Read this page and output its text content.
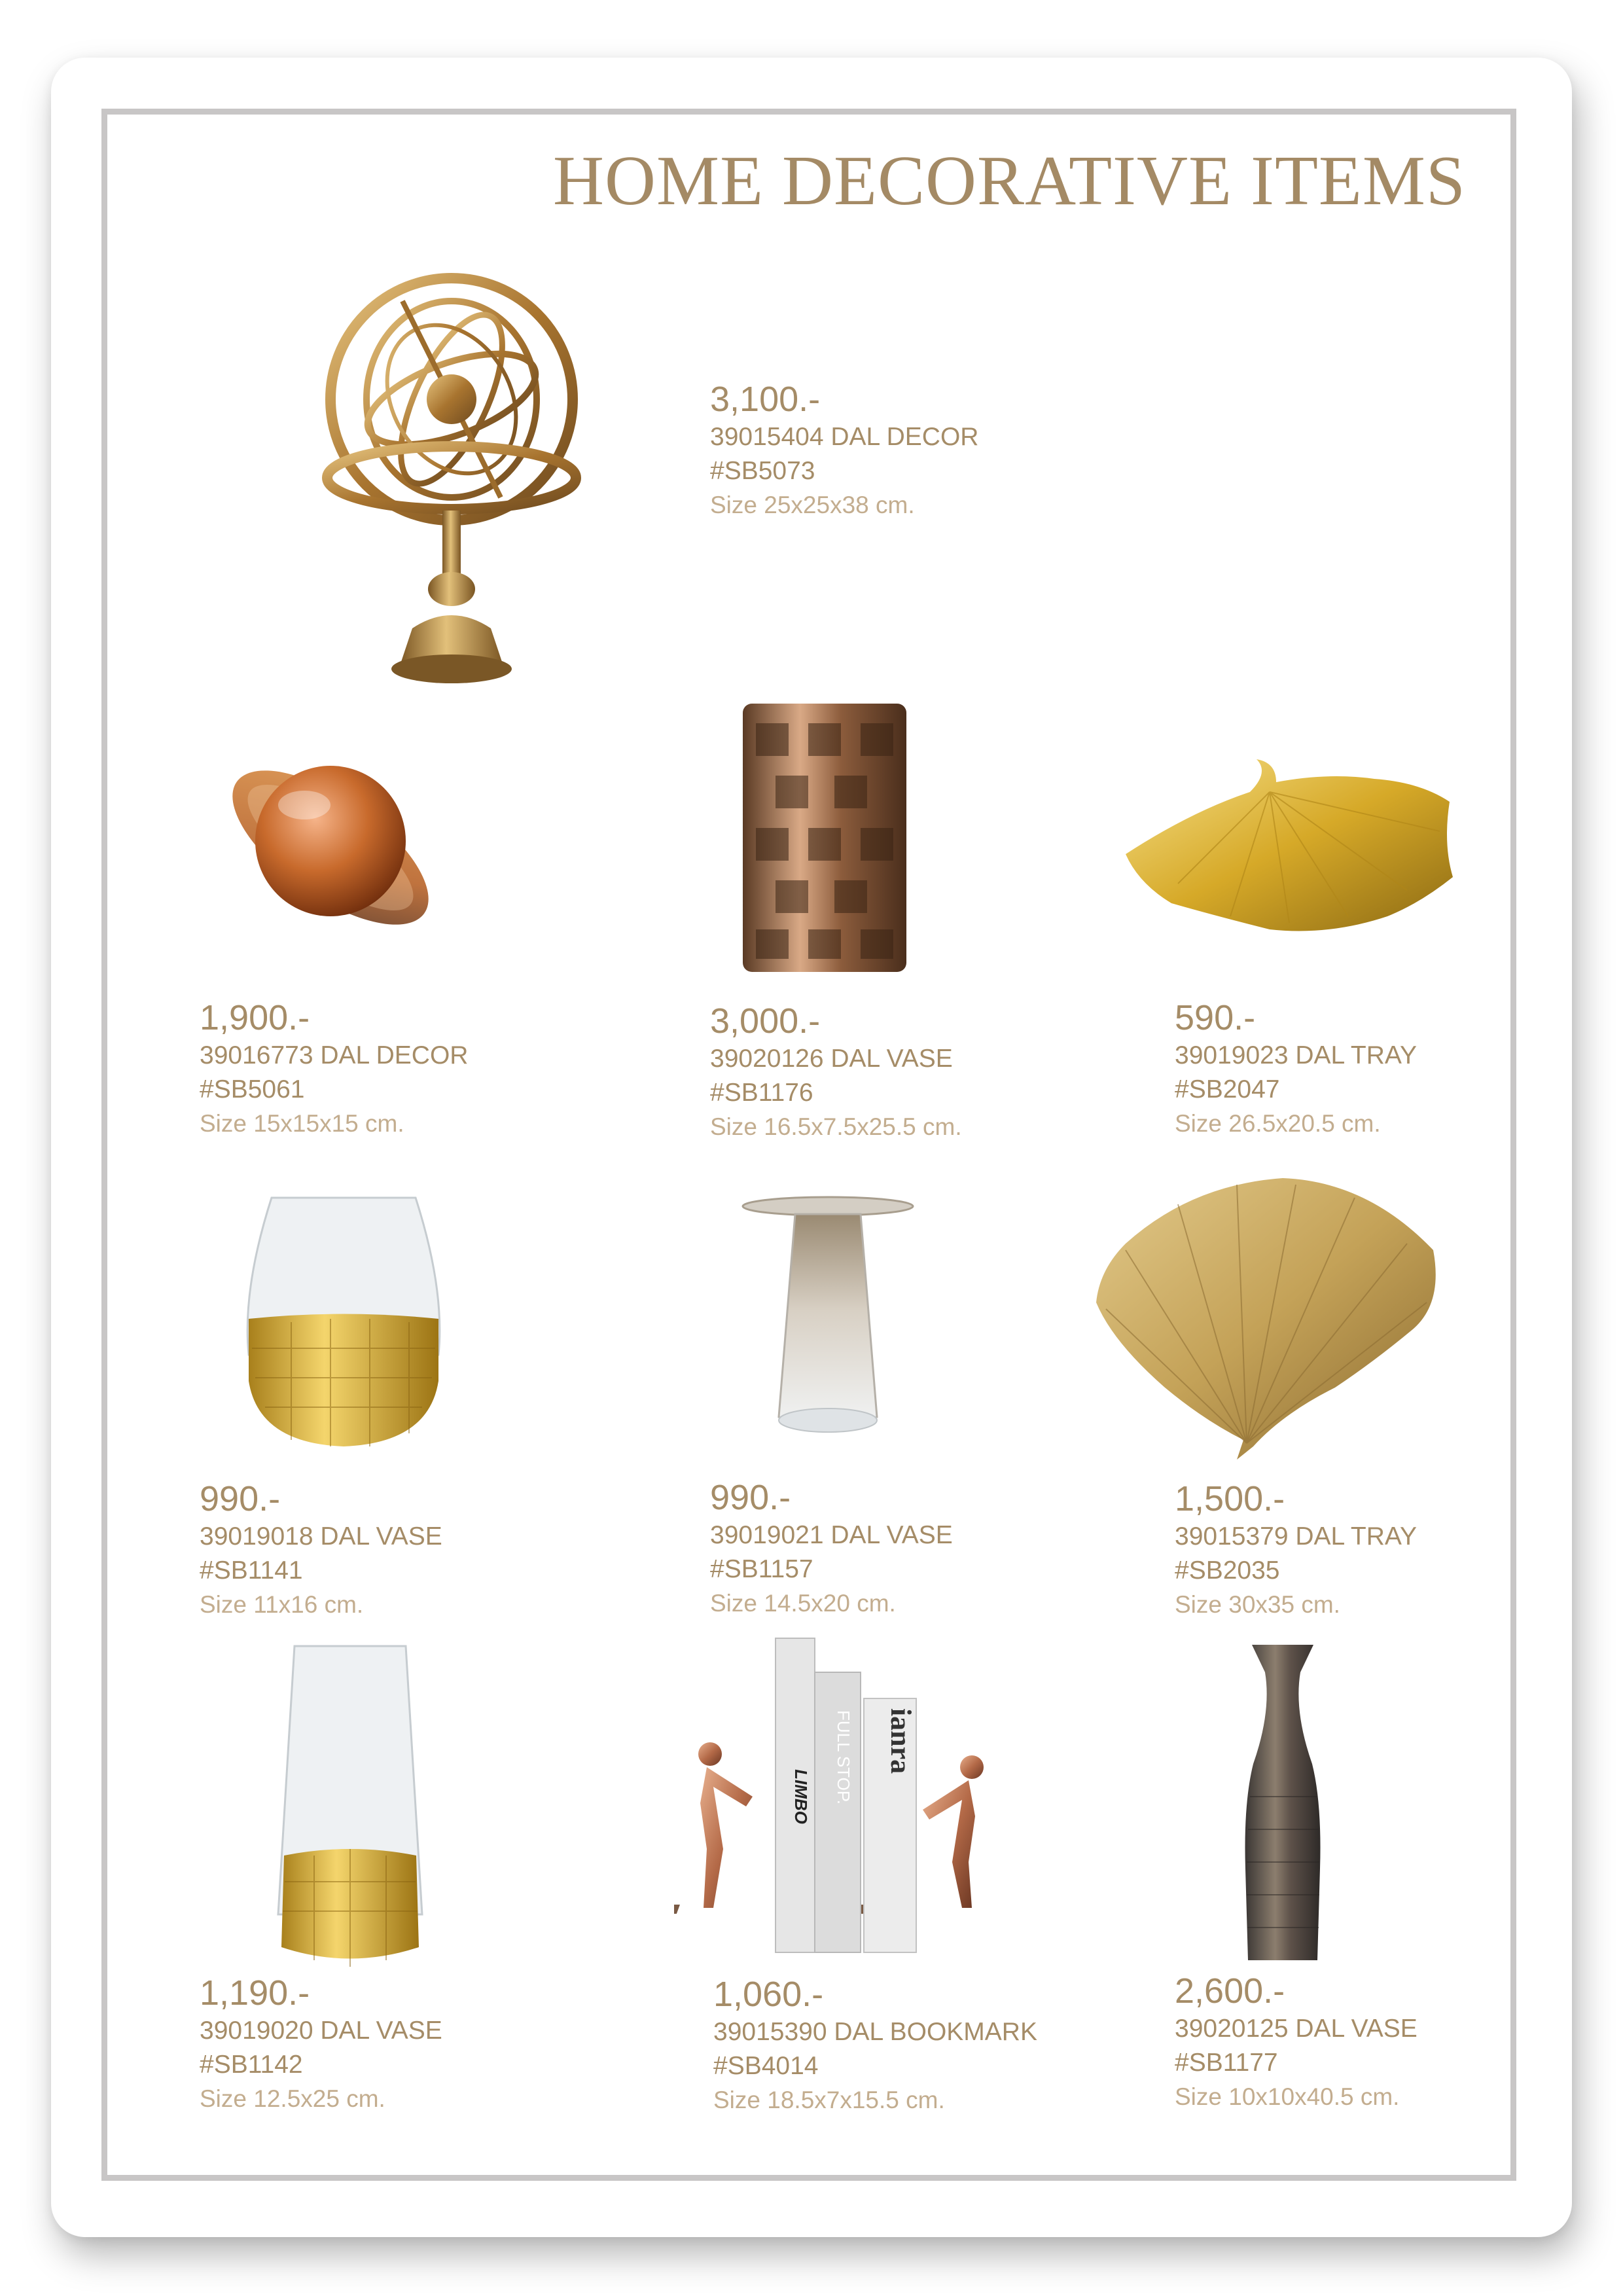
HOME DECORATIVE ITEMS
LIMBO FULL STOP. ianra
3,100.-
39015404 DAL DECOR
#SB5073
Size 25x25x38 cm.
1,900.-
39016773 DAL DECOR
#SB5061
Size 15x15x15 cm.
3,000.-
39020126 DAL VASE
#SB1176
Size 16.5x7.5x25.5 cm.
590.-
39019023 DAL TRAY
#SB2047
Size 26.5x20.5 cm.
990.-
39019018 DAL VASE
#SB1141
Size 11x16 cm.
990.-
39019021 DAL VASE
#SB1157
Size 14.5x20 cm.
1,500.-
39015379 DAL TRAY
#SB2035
Size 30x35 cm.
1,190.-
39019020 DAL VASE
#SB1142
Size 12.5x25 cm.
1,060.-
39015390 DAL BOOKMARK
#SB4014
Size 18.5x7x15.5 cm.
2,600.-
39020125 DAL VASE
#SB1177
Size 10x10x40.5 cm.
